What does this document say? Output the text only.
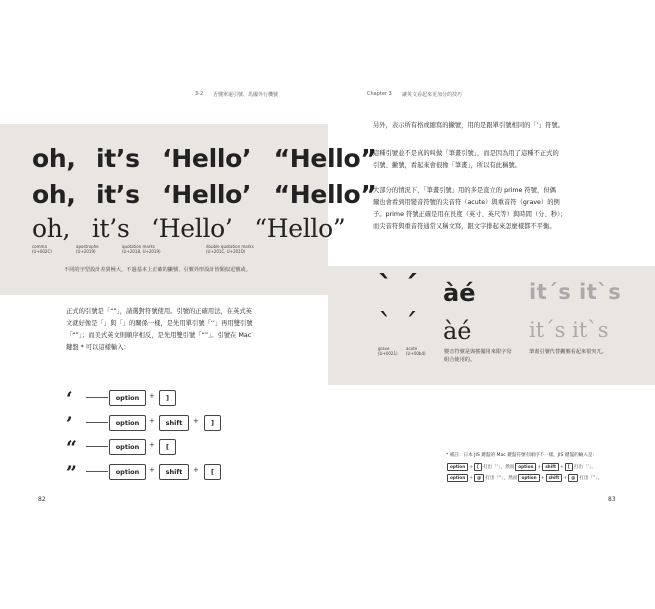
3-2 否懂單還引號、馬國外行機號	Chapter 3 讓英文看起來更加分的技巧
oh, it’s ‘Hello’ “Hello”
oh, it’s ‘Hello’ “Hello”
oh, it’s ‘Hello’ “Hello”
comma
(U+002C)
apostrophe
(U+2019)
quotation marks
(U+2018, U+2019)
double quotation marks
(U+201C, U+201D)
不同的字型設計差異極大，不過基本上正確的撇號、引號外形設計皆類似逗號或。
正式的引號是「“”」，請選對符號使用。引號的正確用法，在英式英
文就好像是「」與「」的關係一樣，是先用單引號「‘’」再用雙引號
「“”」；而美式英文則順序相反，是先用雙引號「“”」。引號在 Mac
鍵盤 * 可以這樣輸入：
‘	option	+	]
’	option	+	shift	+	]
“	option	+	[
”	option	+	shift	+	[
另外，表示所有格或縮寫的撇號，用的是跟單引號相同的「’」符號。
這種引號並不是真的叫做「筆畫引號」，而是因為用了這種不正式的
引號、撇號，看起來會很像「筆畫」，所以有此稱號。
大部分的情況下，「筆畫引號」用的多是直立的 prime 符號，但偶
爾也會看到用變音符號的尖音符（acute）與重音符（grave）的例
子。prime 符號正確是用在長度（英寸、英尺等）與時間（分、秒）；
而尖音符與重音符通常又稱文寫，跟文字排起來怎麼樣都不平衡。
ˋ ˊ
ˋ ˊ
àé
àé
it´s it`s
it´s it`s
grave
(U+0021)
acute
(U+00b4)	變音符號是與搖擺用來限字母
組合使用的。
筆畫引號代替撇號看起來很突兀。
* 補註：日本 JIS 鍵盤的 Mac 鍵盤符號有順序不一樣，JIS 鍵盤的輸入是：
option + [ 打出「‘」，然而 option + shift + [ 打出「’」。
option + @ 打出「“」，然而 option + shift + @ 打出「”」。
82	83
